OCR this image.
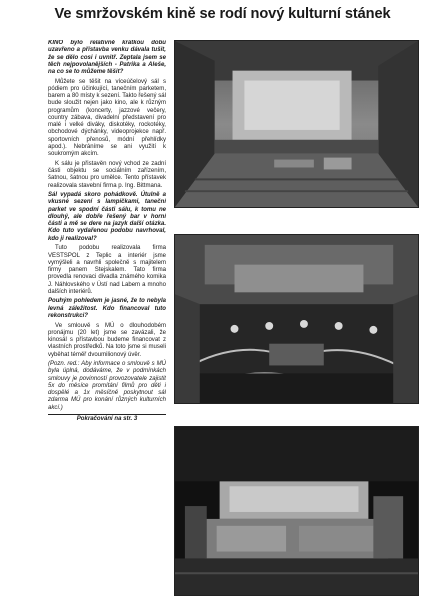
Ve smržovském kině se rodí nový kulturní stánek

KINO bylo relativně krátkou dobu uzavřeno a přístavba venku dávala tušit, že se dělo cosi i uvnitř. Zeptala jsem se těch nejpovolanějších - Patrika a Aleše, na co se to můžeme těšit?

Můžete se těšit na víceúčelový sál s pódiem pro účinkující, tanečním parketem, barem a 80 místy k sezení. Takto řešený sál bude sloužit nejen jako kino, ale k různým programům (koncerty, jazzové večery, country zábava, divadelní představení pro malé i velké diváky, diskotéky, rockotéky, obchodové dýchánky, videoprojekce např. sportovních přenosů, módní přehlídky apod.). Nebráníme se ani využití k soukromým akcím.

K sálu je přistavěn nový vchod ze zadní části objektu se sociálním zařízením, šatnou, šatnou pro umělce. Tento přístavek realizovala stavební firma p. Ing. Bittmana.

Sál vypadá skoro pohádkově. Útulně a vkusné sezení s lampičkami, taneční parket ve spodní části sálu, k tomu ne dlouhý, ale dobře řešený bar v horní části a mě se dere na jazyk další otázka. Kdo tuto vydařenou podobu navrhoval, kdo ji realizoval?

Tuto podobu realizovala firma VESTSPOL z Teplic a interiér jsme vymýšleli a navrhli společně s majitelem firmy panem Stejskalem. Tato firma provedla renovaci divadla známého komika J. Náhlovského v Ústí nad Labem a mnoho dalších interiérů.

Pouhým pohledem je jasné, že to nebyla levná záležitost. Kdo financoval tuto rekonstrukci?

Ve smlouvě s MÚ o dlouhodobém pronájmu (20 let) jsme se zavázali, že kinosál s přístavbou budeme financovat z vlastních prostředků. Na toto jsme si museli vyběhat téměř dvoumilionový úvěr.

(Pozn. red.: Aby informace o smlouvě s MÚ byla úplná, dodáváme, že v podmínkách smlouvy je povinností provozovatele zajistit 5x do měsíce promítání filmů pro děti i dospělé a 1x měsíčně poskytnout sál zdarma MÚ pro konání různých kulturních akcí.)

Pokračování na str. 3
